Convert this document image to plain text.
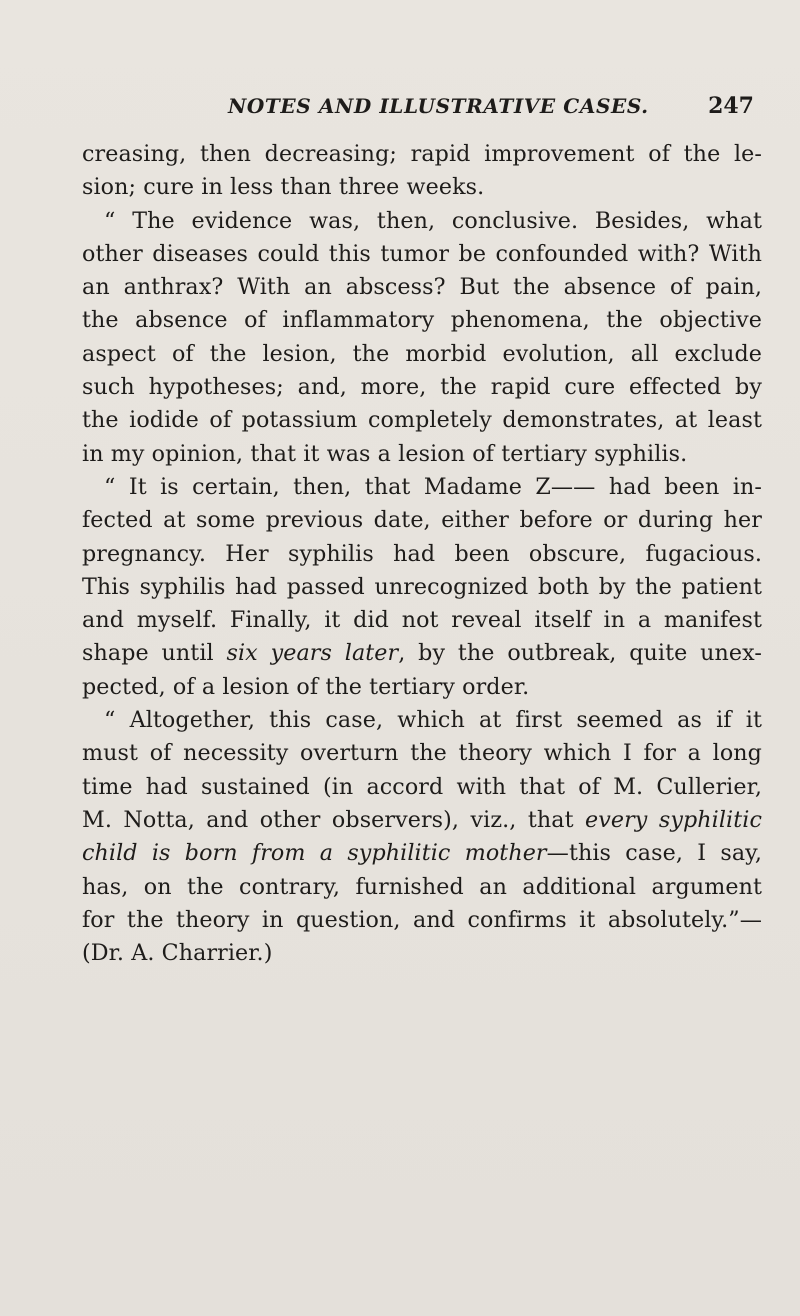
NOTES AND ILLUSTRATIVE CASES.	247
creasing, then decreasing; rapid improvement of the le-
sion; cure in less than three weeks.
“ The evidence was, then, conclusive. Besides, what
other diseases could this tumor be confounded with? With
an anthrax? With an abscess? But the absence of pain,
the absence of inflammatory phenomena, the objective
aspect of the lesion, the morbid evolution, all exclude
such hypotheses; and, more, the rapid cure effected by
the iodide of potassium completely demonstrates, at least
in my opinion, that it was a lesion of tertiary syphilis.
“ It is certain, then, that Madame Z—— had been in-
fected at some previous date, either before or during her
pregnancy. Her syphilis had been obscure, fugacious.
This syphilis had passed unrecognized both by the patient
and myself. Finally, it did not reveal itself in a manifest
shape until six years later, by the outbreak, quite unex-
pected, of a lesion of the tertiary order.
“ Altogether, this case, which at first seemed as if it
must of necessity overturn the theory which I for a long
time had sustained (in accord with that of M. Cullerier,
M. Notta, and other observers), viz., that every syphilitic
child is born from a syphilitic mother—this case, I say,
has, on the contrary, furnished an additional argument
for the theory in question, and confirms it absolutely.”—
(Dr. A. Charrier.)
